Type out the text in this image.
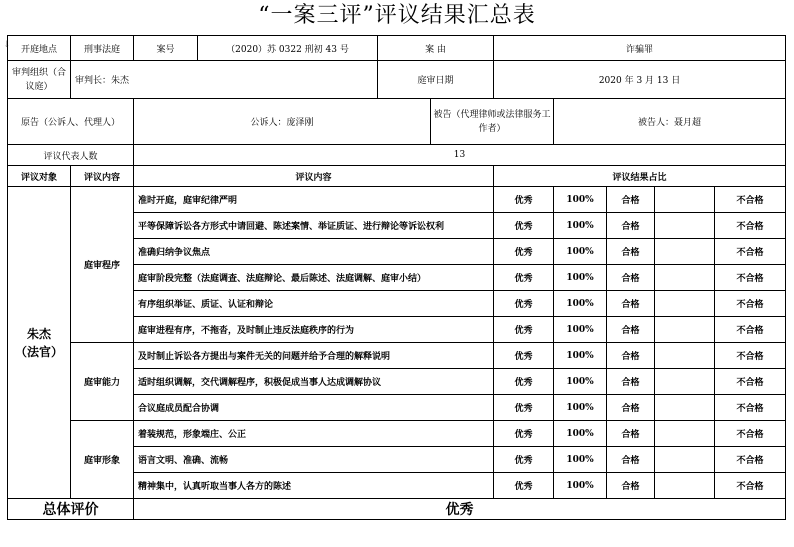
“一案三评”评议结果汇总表
↓ 开庭地点	刑事法庭	案号	（2020）苏 0322 刑初 43 号	案 由		诈骗罪					
审判组织（合议庭）	审判长：朱杰			庭审日期		2020 年 3 月 13 日					
原告（公诉人、代理人）		公诉人：庞泽刚			被告（代理律师或法律服务工作者）		被告人：聂月超				
评议代表人数		13									
评议对象	评议内容	评议内容				评议结果占比					

朱杰
（法官）	庭审程序	准时开庭，庭审纪律严明				优秀	100%	合格		不合格	
		平等保障诉讼各方形式中请回避、陈述案情、举证质证、进行辩论等诉讼权利				优秀	100%	合格		不合格	
		准确归纳争议焦点				优秀	100%	合格		不合格	
		庭审阶段完整（法庭调查、法庭辩论、最后陈述、法庭调解、庭审小结）				优秀	100%	合格		不合格	
		有序组织举证、质证、认证和辩论				优秀	100%	合格		不合格	
		庭审进程有序，不拖沓，及时制止违反法庭秩序的行为				优秀	100%	合格		不合格	
	庭审能力	及时制止诉讼各方提出与案件无关的问题并给予合理的解释说明				优秀	100%	合格		不合格	
		适时组织调解，交代调解程序，积极促成当事人达成调解协议				优秀	100%	合格		不合格	
		合议庭成员配合协调				优秀	100%	合格		不合格	
	庭审形象	着装规范，形象端庄、公正				优秀	100%	合格		不合格	
		语言文明、准确、流畅				优秀	100%	合格		不合格	
		精神集中，认真听取当事人各方的陈述				优秀	100%	合格		不合格	
总体评价		优秀									
